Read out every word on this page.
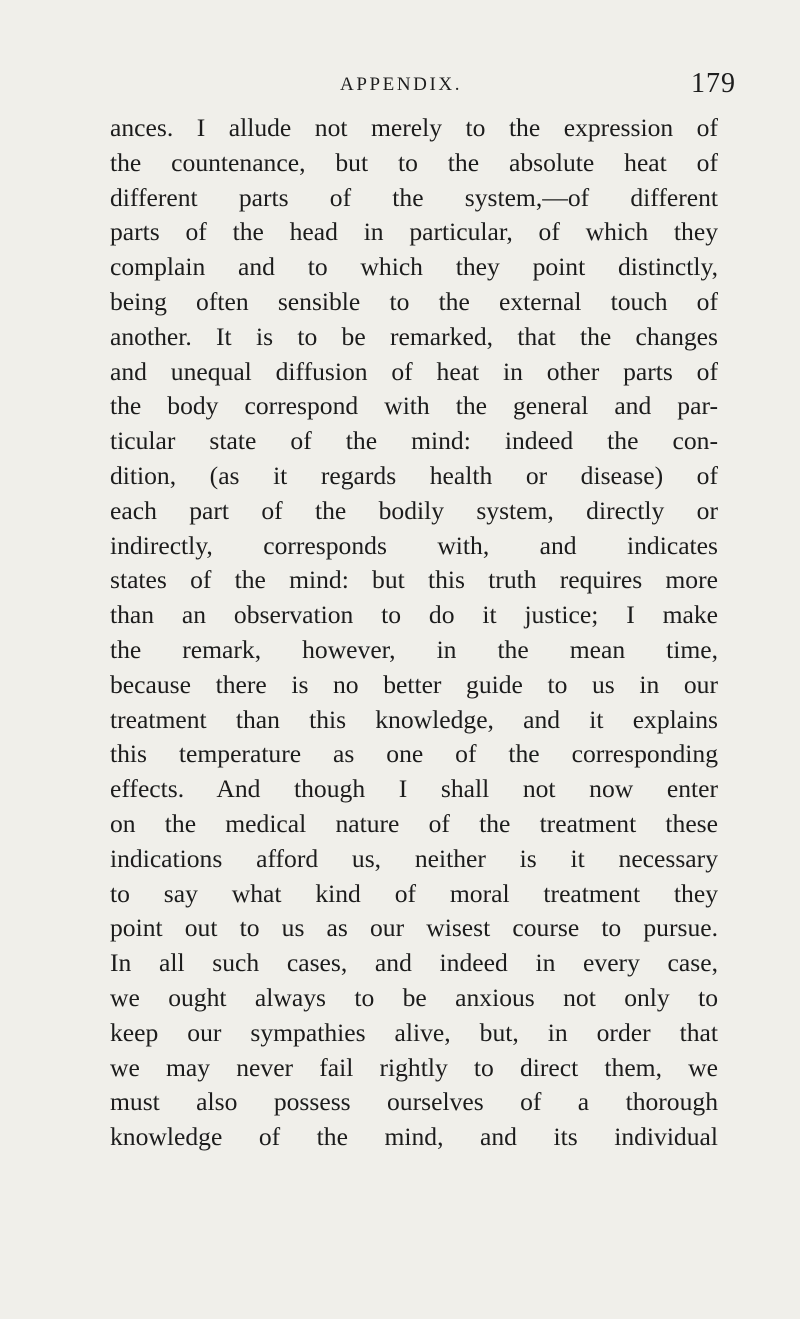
APPENDIX.	179
ances. I allude not merely to the expression of
the countenance, but to the absolute heat of
different parts of the system,—of different
parts of the head in particular, of which they
complain and to which they point distinctly,
being often sensible to the external touch of
another. It is to be remarked, that the changes
and unequal diffusion of heat in other parts of
the body correspond with the general and par-
ticular state of the mind: indeed the con-
dition, (as it regards health or disease) of
each part of the bodily system, directly or
indirectly, corresponds with, and indicates
states of the mind: but this truth requires more
than an observation to do it justice; I make
the remark, however, in the mean time,
because there is no better guide to us in our
treatment than this knowledge, and it explains
this temperature as one of the corresponding
effects. And though I shall not now enter
on the medical nature of the treatment these
indications afford us, neither is it necessary
to say what kind of moral treatment they
point out to us as our wisest course to pursue.
In all such cases, and indeed in every case,
we ought always to be anxious not only to
keep our sympathies alive, but, in order that
we may never fail rightly to direct them, we
must also possess ourselves of a thorough
knowledge of the mind, and its individual
